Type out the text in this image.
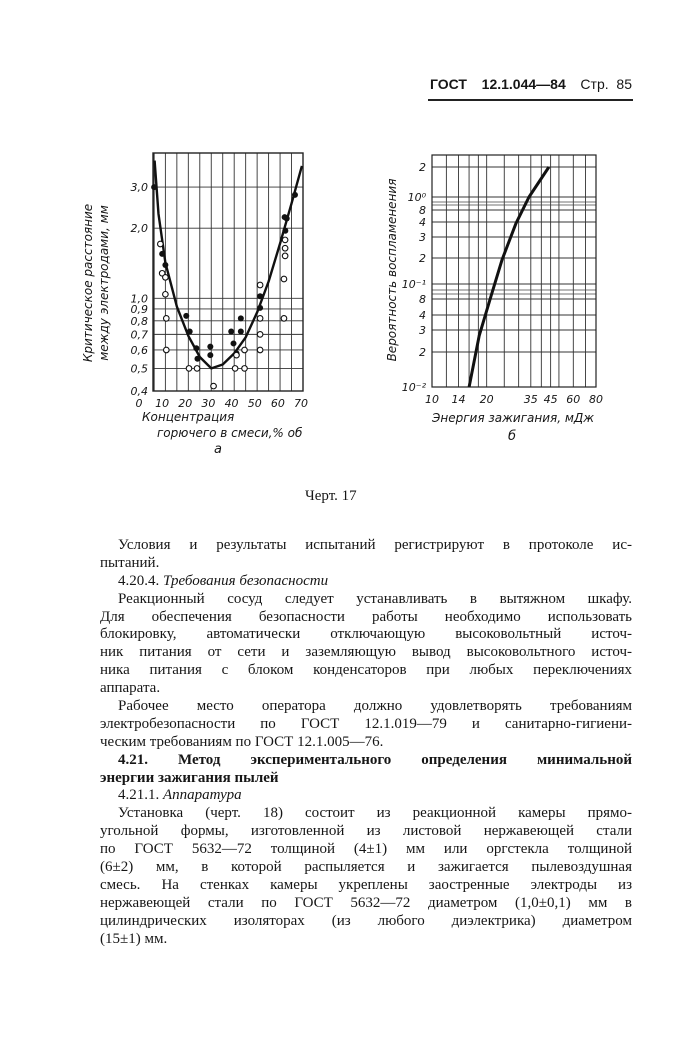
ГОСТ 12.1.044—84 Стр. 85
3,0
2,0
1,0
0,9
0,8
0,7
0,6
0,5
0,4
0 10 20 30 40 50 60 70
Критическое расстояние между электродами, мм
Концентрация
горючего в смеси,% об
а
10⁻²
2
3
4
8
10⁻¹
2
3
4
8
10⁰
2
10 14 20	35 45 60 80
Вероятность воспламенения
Энергия зажигания, мДж
б
Черт. 17
Условия и результаты испытаний регистрируют в протоколе ис-
пытаний.
4.20.4. Требования безопасности
Реакционный сосуд следует устанавливать в вытяжном шкафу.
Для обеспечения безопасности работы необходимо использовать
блокировку, автоматически отключающую высоковольтный источ-
ник питания от сети и заземляющую вывод высоковольтного источ-
ника питания с блоком конденсаторов при любых переключениях
аппарата.
Рабочее место оператора должно удовлетворять требованиям
электробезопасности по ГОСТ 12.1.019—79 и санитарно-гигиени-
ческим требованиям по ГОСТ 12.1.005—76.
4.21. Метод экспериментального определения минимальной
энергии зажигания пылей
4.21.1. Аппаратура
Установка (черт. 18) состоит из реакционной камеры прямо-
угольной формы, изготовленной из листовой нержавеющей стали
по ГОСТ 5632—72 толщиной (4±1) мм или оргстекла толщиной
(6±2) мм, в которой распыляется и зажигается пылевоздушная
смесь. На стенках камеры укреплены заостренные электроды из
нержавеющей стали по ГОСТ 5632—72 диаметром (1,0±0,1) мм в
цилиндрических изоляторах (из любого диэлектрика) диаметром
(15±1) мм.
